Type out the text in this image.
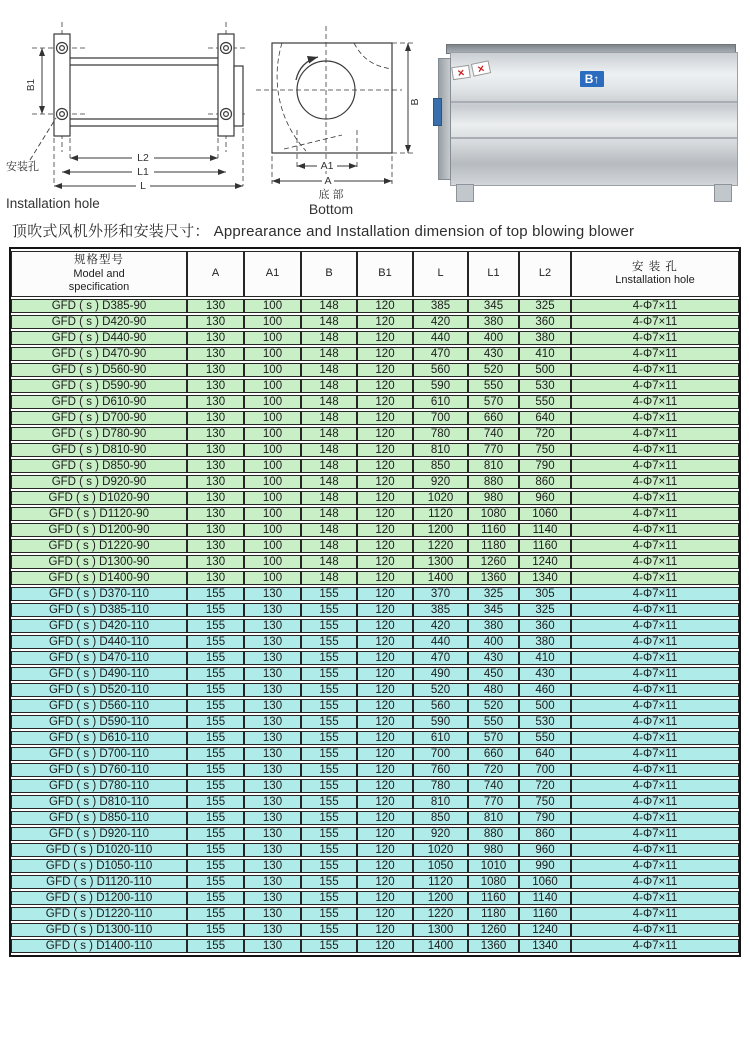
B1
L2
L1
L
安装孔
Installation hole
A1
A
B
底 部
Bottom
B↑
✕	✕
顶吹式风机外形和安装尺寸： Apprearance and Installation dimension of top blowing blower
规格型号
Model and
specification
	A	A1	B	B1	L	L1	L2	
安 装 孔
Lnstallation hole

GFD ( s ) D385-90	130	100	148	120	385	345	325	4-Φ7×11
GFD ( s ) D420-90	130	100	148	120	420	380	360	4-Φ7×11
GFD ( s ) D440-90	130	100	148	120	440	400	380	4-Φ7×11
GFD ( s ) D470-90	130	100	148	120	470	430	410	4-Φ7×11
GFD ( s ) D560-90	130	100	148	120	560	520	500	4-Φ7×11
GFD ( s ) D590-90	130	100	148	120	590	550	530	4-Φ7×11
GFD ( s ) D610-90	130	100	148	120	610	570	550	4-Φ7×11
GFD ( s ) D700-90	130	100	148	120	700	660	640	4-Φ7×11
GFD ( s ) D780-90	130	100	148	120	780	740	720	4-Φ7×11
GFD ( s ) D810-90	130	100	148	120	810	770	750	4-Φ7×11
GFD ( s ) D850-90	130	100	148	120	850	810	790	4-Φ7×11
GFD ( s ) D920-90	130	100	148	120	920	880	860	4-Φ7×11
GFD ( s ) D1020-90	130	100	148	120	1020	980	960	4-Φ7×11
GFD ( s ) D1120-90	130	100	148	120	1120	1080	1060	4-Φ7×11
GFD ( s ) D1200-90	130	100	148	120	1200	1160	1140	4-Φ7×11
GFD ( s ) D1220-90	130	100	148	120	1220	1180	1160	4-Φ7×11
GFD ( s ) D1300-90	130	100	148	120	1300	1260	1240	4-Φ7×11
GFD ( s ) D1400-90	130	100	148	120	1400	1360	1340	4-Φ7×11
GFD ( s ) D370-110	155	130	155	120	370	325	305	4-Φ7×11
GFD ( s ) D385-110	155	130	155	120	385	345	325	4-Φ7×11
GFD ( s ) D420-110	155	130	155	120	420	380	360	4-Φ7×11
GFD ( s ) D440-110	155	130	155	120	440	400	380	4-Φ7×11
GFD ( s ) D470-110	155	130	155	120	470	430	410	4-Φ7×11
GFD ( s ) D490-110	155	130	155	120	490	450	430	4-Φ7×11
GFD ( s ) D520-110	155	130	155	120	520	480	460	4-Φ7×11
GFD ( s ) D560-110	155	130	155	120	560	520	500	4-Φ7×11
GFD ( s ) D590-110	155	130	155	120	590	550	530	4-Φ7×11
GFD ( s ) D610-110	155	130	155	120	610	570	550	4-Φ7×11
GFD ( s ) D700-110	155	130	155	120	700	660	640	4-Φ7×11
GFD ( s ) D760-110	155	130	155	120	760	720	700	4-Φ7×11
GFD ( s ) D780-110	155	130	155	120	780	740	720	4-Φ7×11
GFD ( s ) D810-110	155	130	155	120	810	770	750	4-Φ7×11
GFD ( s ) D850-110	155	130	155	120	850	810	790	4-Φ7×11
GFD ( s ) D920-110	155	130	155	120	920	880	860	4-Φ7×11
GFD ( s ) D1020-110	155	130	155	120	1020	980	960	4-Φ7×11
GFD ( s ) D1050-110	155	130	155	120	1050	1010	990	4-Φ7×11
GFD ( s ) D1120-110	155	130	155	120	1120	1080	1060	4-Φ7×11
GFD ( s ) D1200-110	155	130	155	120	1200	1160	1140	4-Φ7×11
GFD ( s ) D1220-110	155	130	155	120	1220	1180	1160	4-Φ7×11
GFD ( s ) D1300-110	155	130	155	120	1300	1260	1240	4-Φ7×11
GFD ( s ) D1400-110	155	130	155	120	1400	1360	1340	4-Φ7×11
